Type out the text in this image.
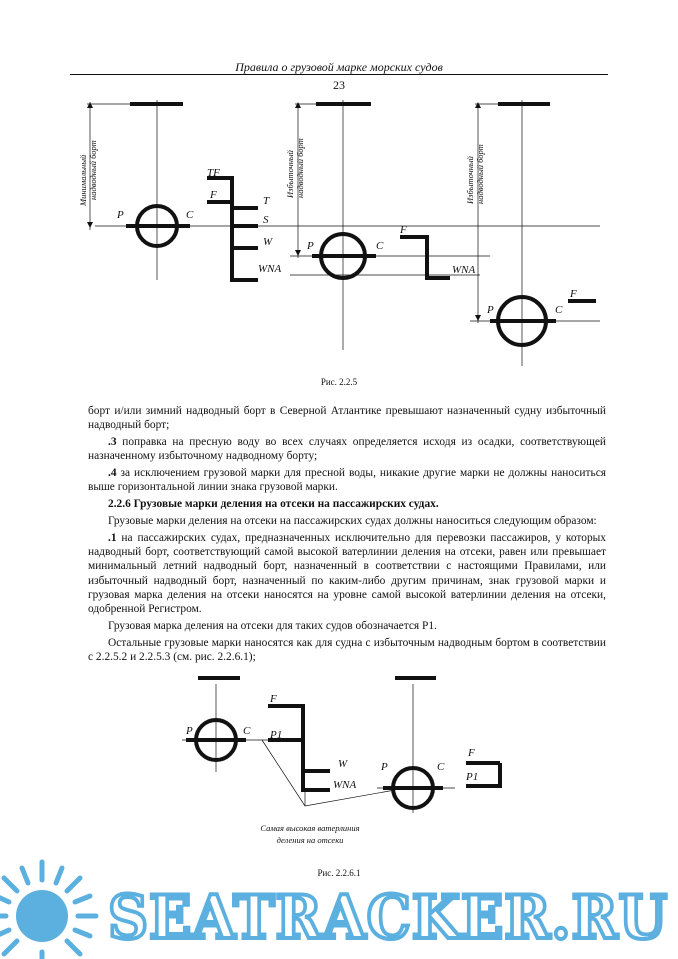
Правила о грузовой марке морских судов
23
P	C
P	C
P	C
TF
F	T
S
W
WNA
F
WNA
F
Минимальный надводный борт	Избыточный надводный борт	Избыточный надводный борт
Рис. 2.2.5

борт и/или зимний надводный борт в Северной Атлантике превышают назначенный судну избыточный надводный борт;

.3 поправка на пресную воду во всех случаях определяется исходя из осадки, соответствующей назначенному избыточному надводному борту;

.4 за исключением грузовой марки для пресной воды, никакие другие марки не должны наноситься выше горизонтальной линии знака грузовой марки.

2.2.6 Грузовые марки деления на отсеки на пассажирских судах.

Грузовые марки деления на отсеки на пассажирских судах должны наноситься следующим образом:

.1 на пассажирских судах, предназначенных исключительно для перевозки пассажиров, у которых надводный борт, соответствующий самой высокой ватерлинии деления на отсеки, равен или превышает минимальный летний надводный борт, назначенный в соответствии с настоящими Правилами, или избыточный надводный борт, назначенный по каким-либо другим причинам, знак грузовой марки и грузовая марка деления на отсеки наносятся на уровне самой высокой ватерлинии деления на отсеки, одобренной Регистром.

Грузовая марка деления на отсеки для таких судов обозначается P1.

Остальные грузовые марки наносятся как для судна с избыточным надводным бортом в соответствии с 2.2.5.2 и 2.2.5.3 (см. рис. 2.2.6.1);

P	C
F
P1
W
WNA
P	C
F
P1
Самая высокая ватерлиния
деления на отсеки
Рис. 2.2.6.1
SEATRACKER.RU
